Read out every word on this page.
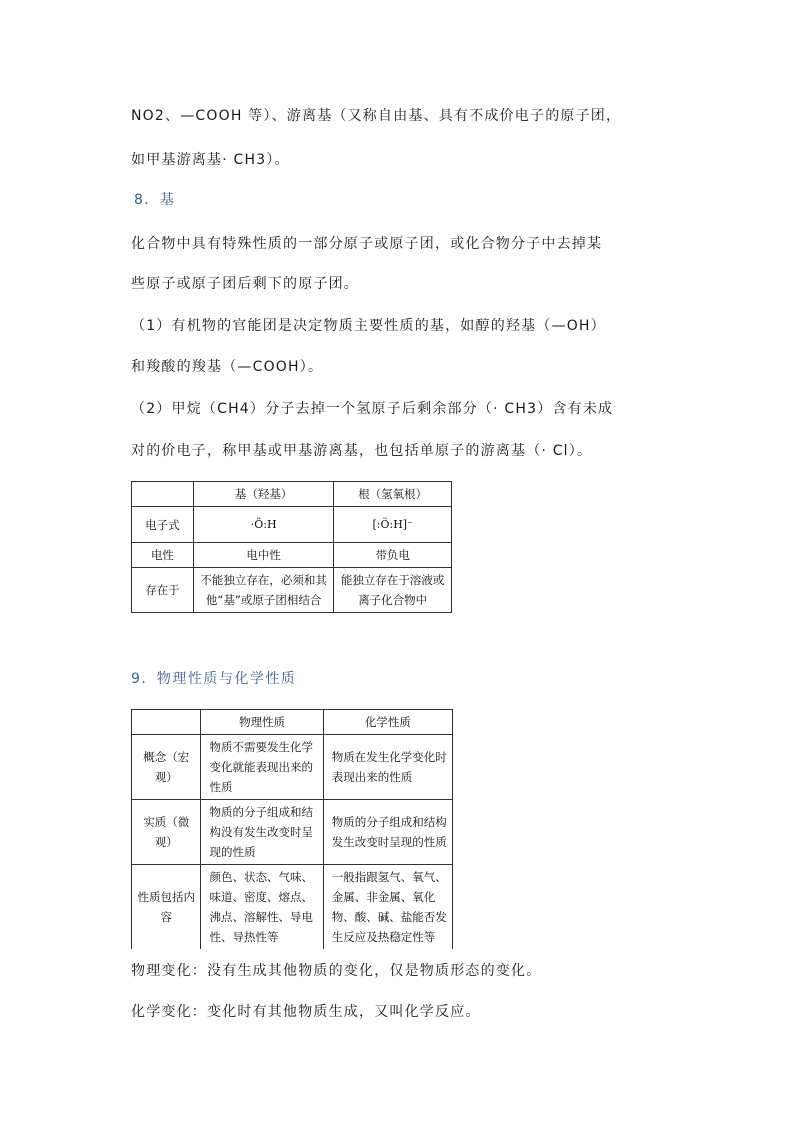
NO2、—COOH 等）、游离基（又称自由基、具有不成价电子的原子团，
如甲基游离基· CH3）。
8．基
化合物中具有特殊性质的一部分原子或原子团，或化合物分子中去掉某
些原子或原子团后剩下的原子团。
（1）有机物的官能团是决定物质主要性质的基，如醇的羟基（—OH）
和羧酸的羧基（—COOH）。
（2）甲烷（CH4）分子去掉一个氢原子后剩余部分（· CH3）含有未成
对的价电子，称甲基或甲基游离基，也包括单原子的游离基（· Cl）。
	基（羟基）	根（氢氧根）
电子式	·Ö:H	[:Ö:H]⁻
电性	电中性	带负电
存在于	不能独立存在，必须和其他“基”或原子团相结合	能独立存在于溶液或离子化合物中
9．物理性质与化学性质
	物理性质	化学性质
概念（宏观）	物质不需要发生化学变化就能表现出来的性质	物质在发生化学变化时表现出来的性质
实质（微观）	物质的分子组成和结构没有发生改变时呈现的性质	物质的分子组成和结构发生改变时呈现的性质
性质包括内容	颜色、状态、气味、味道、密度、熔点、沸点、溶解性、导电性、导热性等	一般指跟氢气、氧气、金属、非金属、氧化物、酸、碱、盐能否发生反应及热稳定性等
物理变化：没有生成其他物质的变化，仅是物质形态的变化。
化学变化：变化时有其他物质生成，又叫化学反应。
